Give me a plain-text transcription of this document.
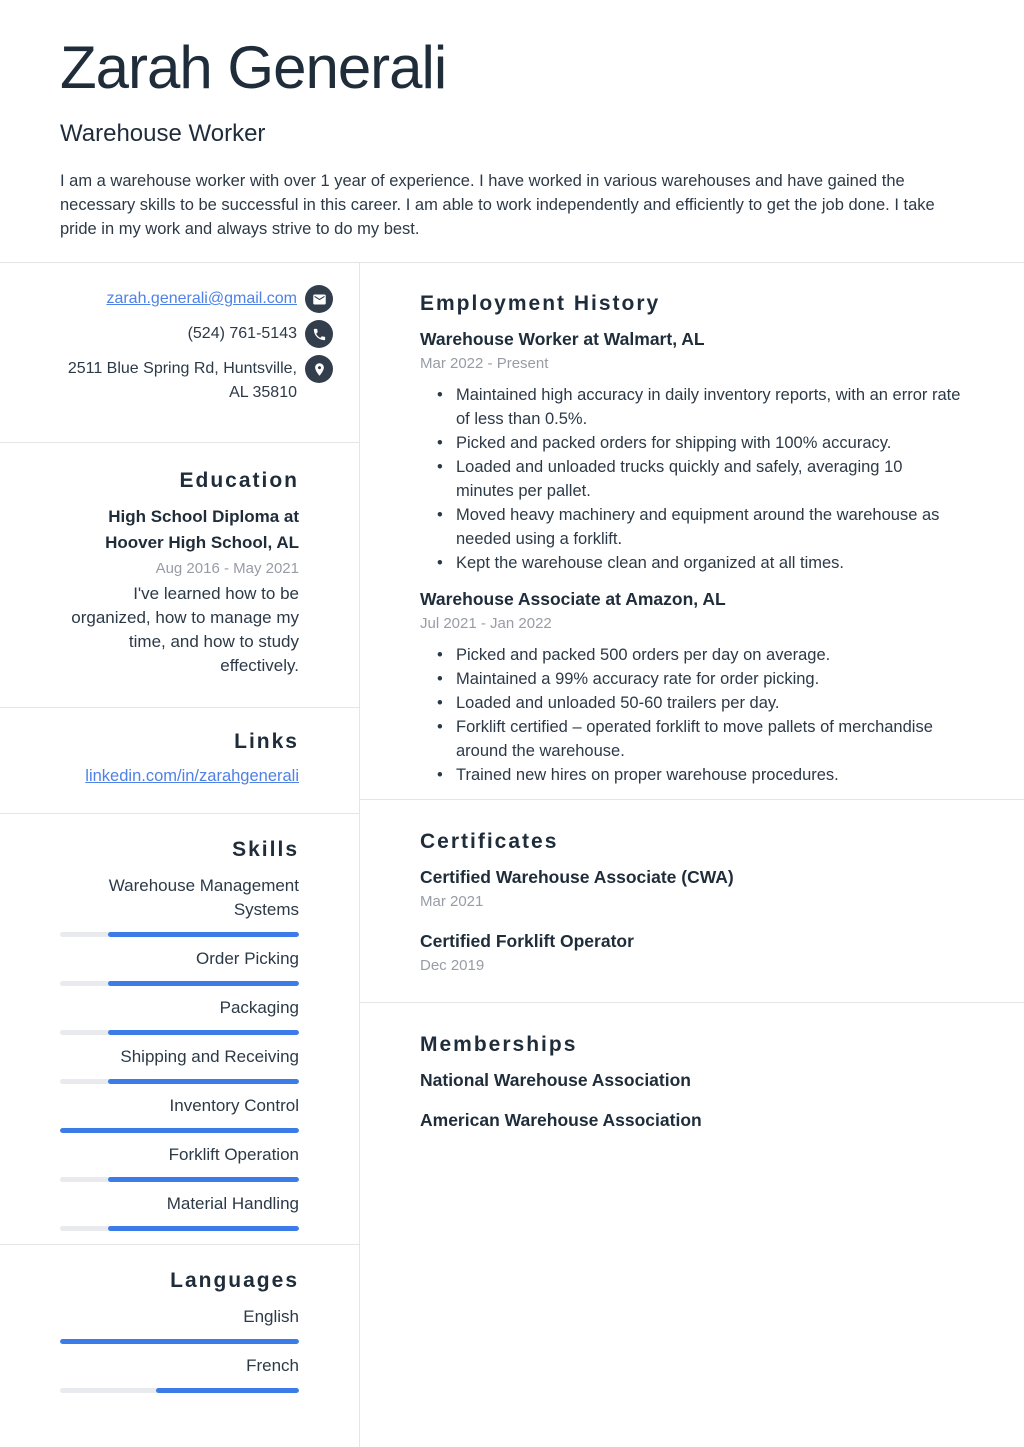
Zarah Generali
Warehouse Worker

I am a warehouse worker with over 1 year of experience. I have worked in various warehouses and have gained the necessary skills to be successful in this career. I am able to work independently and efficiently to get the job done. I take pride in my work and always strive to do my best.

zarah.generali@gmail.com
(524) 761-5143
2511 Blue Spring Rd, Huntsville, AL 35810
Education
High School Diploma at Hoover High School, AL
Aug 2016 - May 2021

I've learned how to be organized, how to manage my time, and how to study effectively.

Links
linkedin.com/in/zarahgenerali
Skills
Warehouse Management Systems
Order Picking
Packaging
Shipping and Receiving
Inventory Control
Forklift Operation
Material Handling
Languages
English
French
Employment History
Warehouse Worker at Walmart, AL
Mar 2022 - Present
• Maintained high accuracy in daily inventory reports, with an error rate of less than 0.5%.
• Picked and packed orders for shipping with 100% accuracy.
• Loaded and unloaded trucks quickly and safely, averaging 10 minutes per pallet.
• Moved heavy machinery and equipment around the warehouse as needed using a forklift.
• Kept the warehouse clean and organized at all times.
Warehouse Associate at Amazon, AL
Jul 2021 - Jan 2022
• Picked and packed 500 orders per day on average.
• Maintained a 99% accuracy rate for order picking.
• Loaded and unloaded 50-60 trailers per day.
• Forklift certified – operated forklift to move pallets of merchandise around the warehouse.
• Trained new hires on proper warehouse procedures.
Certificates
Certified Warehouse Associate (CWA)
Mar 2021
Certified Forklift Operator
Dec 2019
Memberships
National Warehouse Association
American Warehouse Association
